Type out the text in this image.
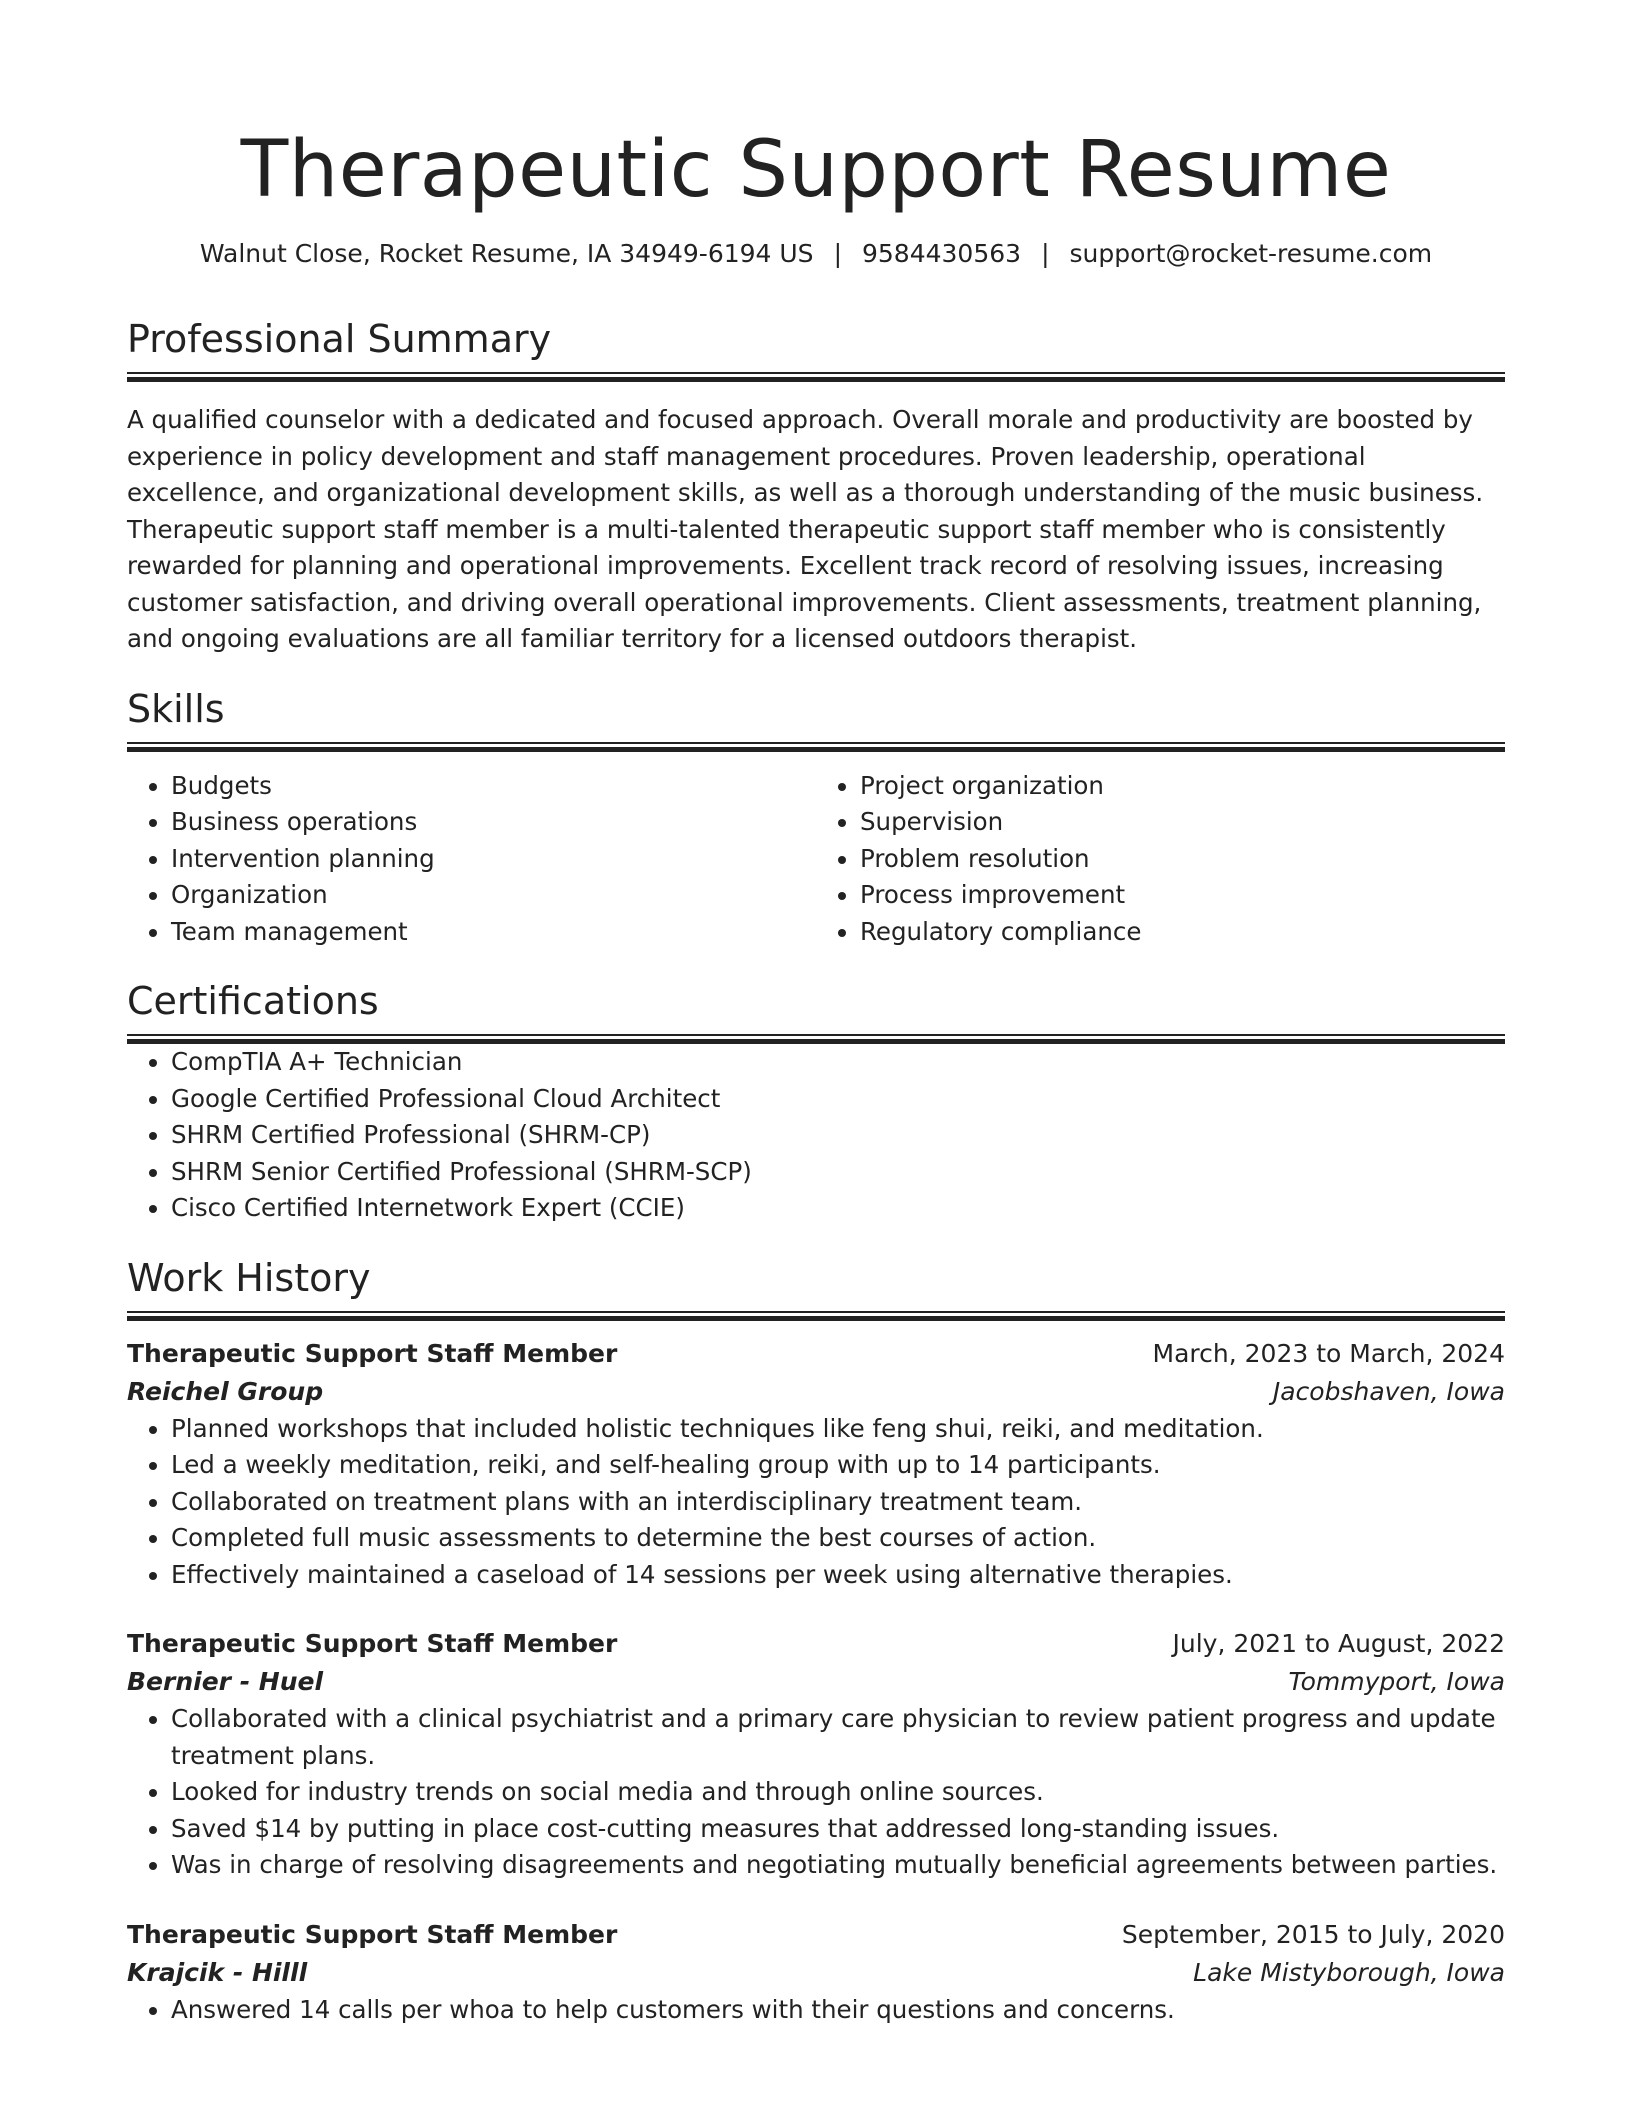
Therapeutic Support Resume
Walnut Close, Rocket Resume, IA 34949-6194 US | 9584430563 | support@rocket-resume.com
Professional Summary

A qualified counselor with a dedicated and focused approach. Overall morale and productivity are boosted by experience in policy development and staff management procedures. Proven leadership, operational excellence, and organizational development skills, as well as a thorough understanding of the music business. Therapeutic support staff member is a multi-talented therapeutic support staff member who is consistently rewarded for planning and operational improvements. Excellent track record of resolving issues, increasing customer satisfaction, and driving overall operational improvements. Client assessments, treatment planning, and ongoing evaluations are all familiar territory for a licensed outdoors therapist.

Skills
• Budgets
• Business operations
• Intervention planning
• Organization
• Team management
• Project organization
• Supervision
• Problem resolution
• Process improvement
• Regulatory compliance
Certifications
• CompTIA A+ Technician
• Google Certified Professional Cloud Architect
• SHRM Certified Professional (SHRM-CP)
• SHRM Senior Certified Professional (SHRM-SCP)
• Cisco Certified Internetwork Expert (CCIE)
Work History
Therapeutic Support Staff Member	March, 2023 to March, 2024
Reichel Group	Jacobshaven, Iowa
• Planned workshops that included holistic techniques like feng shui, reiki, and meditation.
• Led a weekly meditation, reiki, and self-healing group with up to 14 participants.
• Collaborated on treatment plans with an interdisciplinary treatment team.
• Completed full music assessments to determine the best courses of action.
• Effectively maintained a caseload of 14 sessions per week using alternative therapies.
Therapeutic Support Staff Member	July, 2021 to August, 2022
Bernier - Huel	Tommyport, Iowa
• Collaborated with a clinical psychiatrist and a primary care physician to review patient progress and update treatment plans.
• Looked for industry trends on social media and through online sources.
• Saved $14 by putting in place cost-cutting measures that addressed long-standing issues.
• Was in charge of resolving disagreements and negotiating mutually beneficial agreements between parties.
Therapeutic Support Staff Member	September, 2015 to July, 2020
Krajcik - Hilll	Lake Mistyborough, Iowa
• Answered 14 calls per whoa to help customers with their questions and concerns.
